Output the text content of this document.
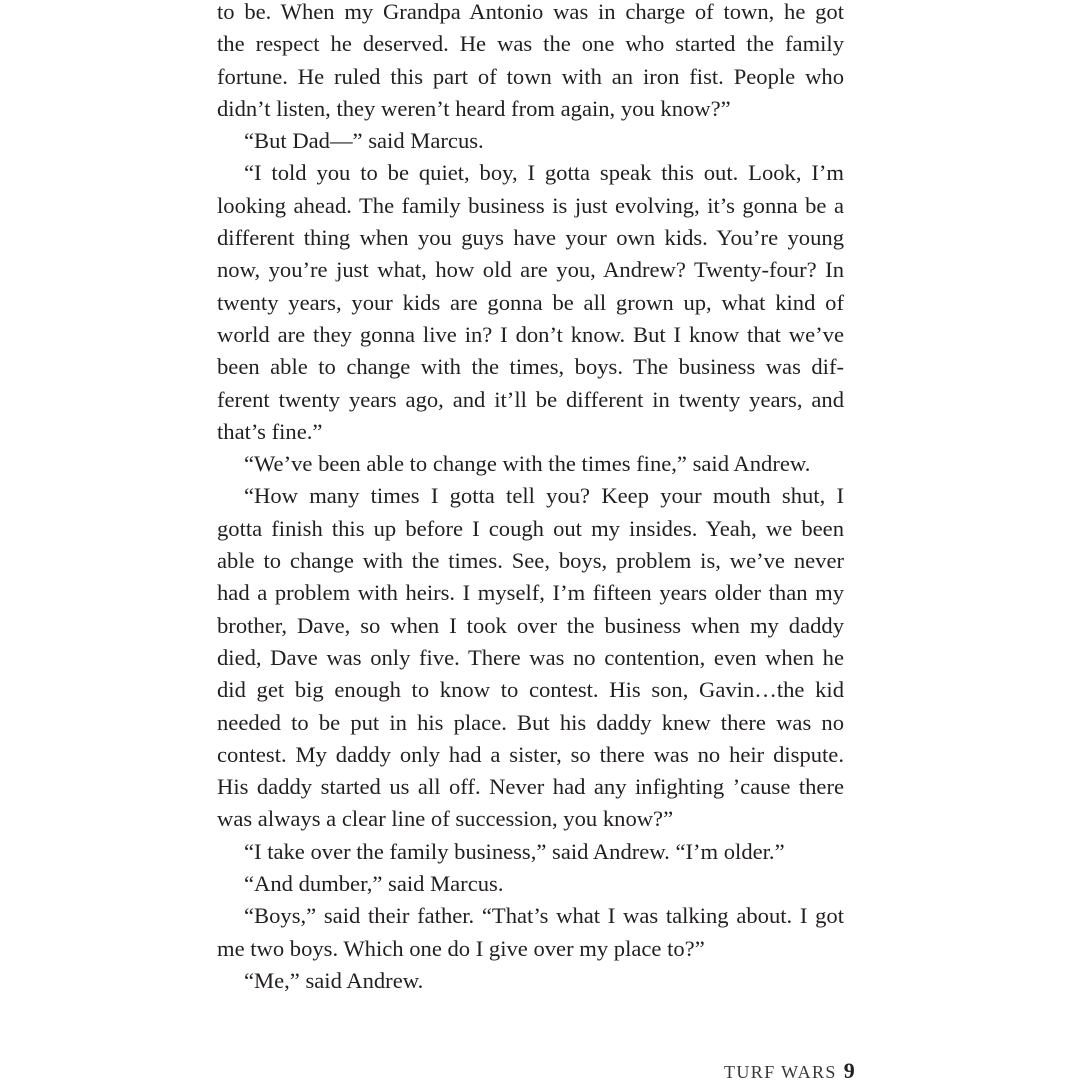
to be. When my Grandpa Antonio was in charge of town, he got
the respect he deserved. He was the one who started the family
fortune. He ruled this part of town with an iron fist. People who
didn’t listen, they weren’t heard from again, you know?”
“But Dad—” said Marcus.
“I told you to be quiet, boy, I gotta speak this out. Look, I’m
looking ahead. The family business is just evolving, it’s gonna be a
different thing when you guys have your own kids. You’re young
now, you’re just what, how old are you, Andrew? Twenty-four? In
twenty years, your kids are gonna be all grown up, what kind of
world are they gonna live in? I don’t know. But I know that we’ve
been able to change with the times, boys. The business was dif-
ferent twenty years ago, and it’ll be different in twenty years, and
that’s fine.”
“We’ve been able to change with the times fine,” said Andrew.
“How many times I gotta tell you? Keep your mouth shut, I
gotta finish this up before I cough out my insides. Yeah, we been
able to change with the times. See, boys, problem is, we’ve never
had a problem with heirs. I myself, I’m fifteen years older than my
brother, Dave, so when I took over the business when my daddy
died, Dave was only five. There was no contention, even when he
did get big enough to know to contest. His son, Gavin…the kid
needed to be put in his place. But his daddy knew there was no
contest. My daddy only had a sister, so there was no heir dispute.
His daddy started us all off. Never had any infighting ’cause there
was always a clear line of succession, you know?”
“I take over the family business,” said Andrew. “I’m older.”
“And dumber,” said Marcus.
“Boys,” said their father. “That’s what I was talking about. I got
me two boys. Which one do I give over my place to?”
“Me,” said Andrew.
TURF WARS 9
